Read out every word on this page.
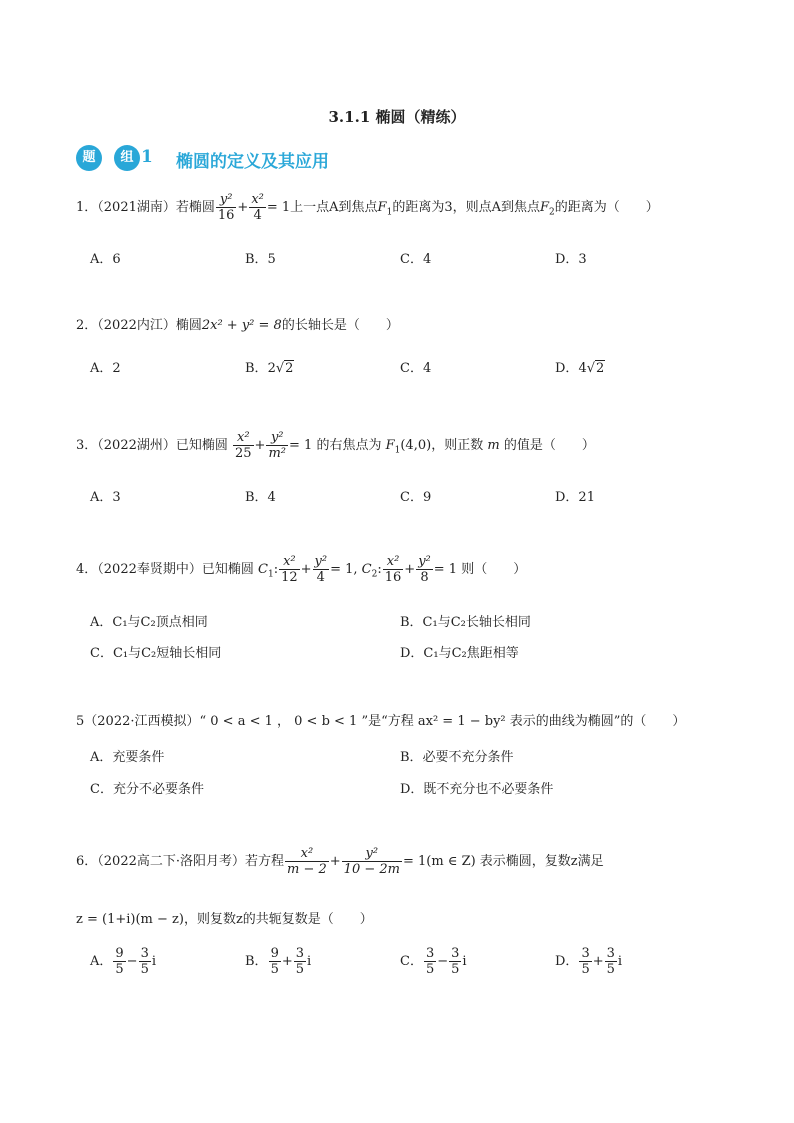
3.1.1 椭圆（精练）
题	组 1 椭圆的定义及其应用
1．（2021湖南）若椭圆 $\frac{\text{y²}}{16} + \frac{\text{x²}}{4} = 1$上一点A到焦点$F_1$的距离为3，则点A到焦点$F_2$的距离为（　　）
A．6	B．5	C．4	D．3
2．（2022内江）椭圆2x² + y² = 8的长轴长是（　　）
A．2	B．2√2	C．4	D．4√2
3．（2022湖州）已知椭圆 $\frac{\text{x²}}{25} + \frac{\text{y²}}{\text{m²}} = 1$ 的右焦点为 $F_1(4,0)$，则正数 m 的值是（　　）
A．3	B．4	C．9	D．21
4．（2022奉贤期中）已知椭圆 $C_1$: $\frac{\text{x²}}{12} + \frac{\text{y²}}{4} = 1$, $C_2$: $\frac{\text{x²}}{16} + \frac{\text{y²}}{8} = 1$ 则（　　）
A．C₁与C₂顶点相同	B．C₁与C₂长轴长相同
C．C₁与C₂短轴长相同	D．C₁与C₂焦距相等
5（2022·江西模拟）“ 0 < a < 1 ， 0 < b < 1 ”是“方程 ax² = 1 − by² 表示的曲线为椭圆”的（　　）
A．充要条件	B．必要不充分条件
C．充分不必要条件	D．既不充分也不必要条件
6．（2022高二下·洛阳月考）若方程 $\frac{\text{x²}}{m - 2} + \frac{\text{y²}}{10 - 2m} = 1(m$ ∈ Z) 表示椭圆，复数z满足
z = (1+i)(m − z)，则复数z的共轭复数是（　　）
A． $\frac{9}{5} - \frac{3}{5}$ i	B． $\frac{9}{5} + \frac{3}{5}$ i	C． $\frac{3}{5} - \frac{3}{5}$ i	D． $\frac{3}{5} + \frac{3}{5}$ i
